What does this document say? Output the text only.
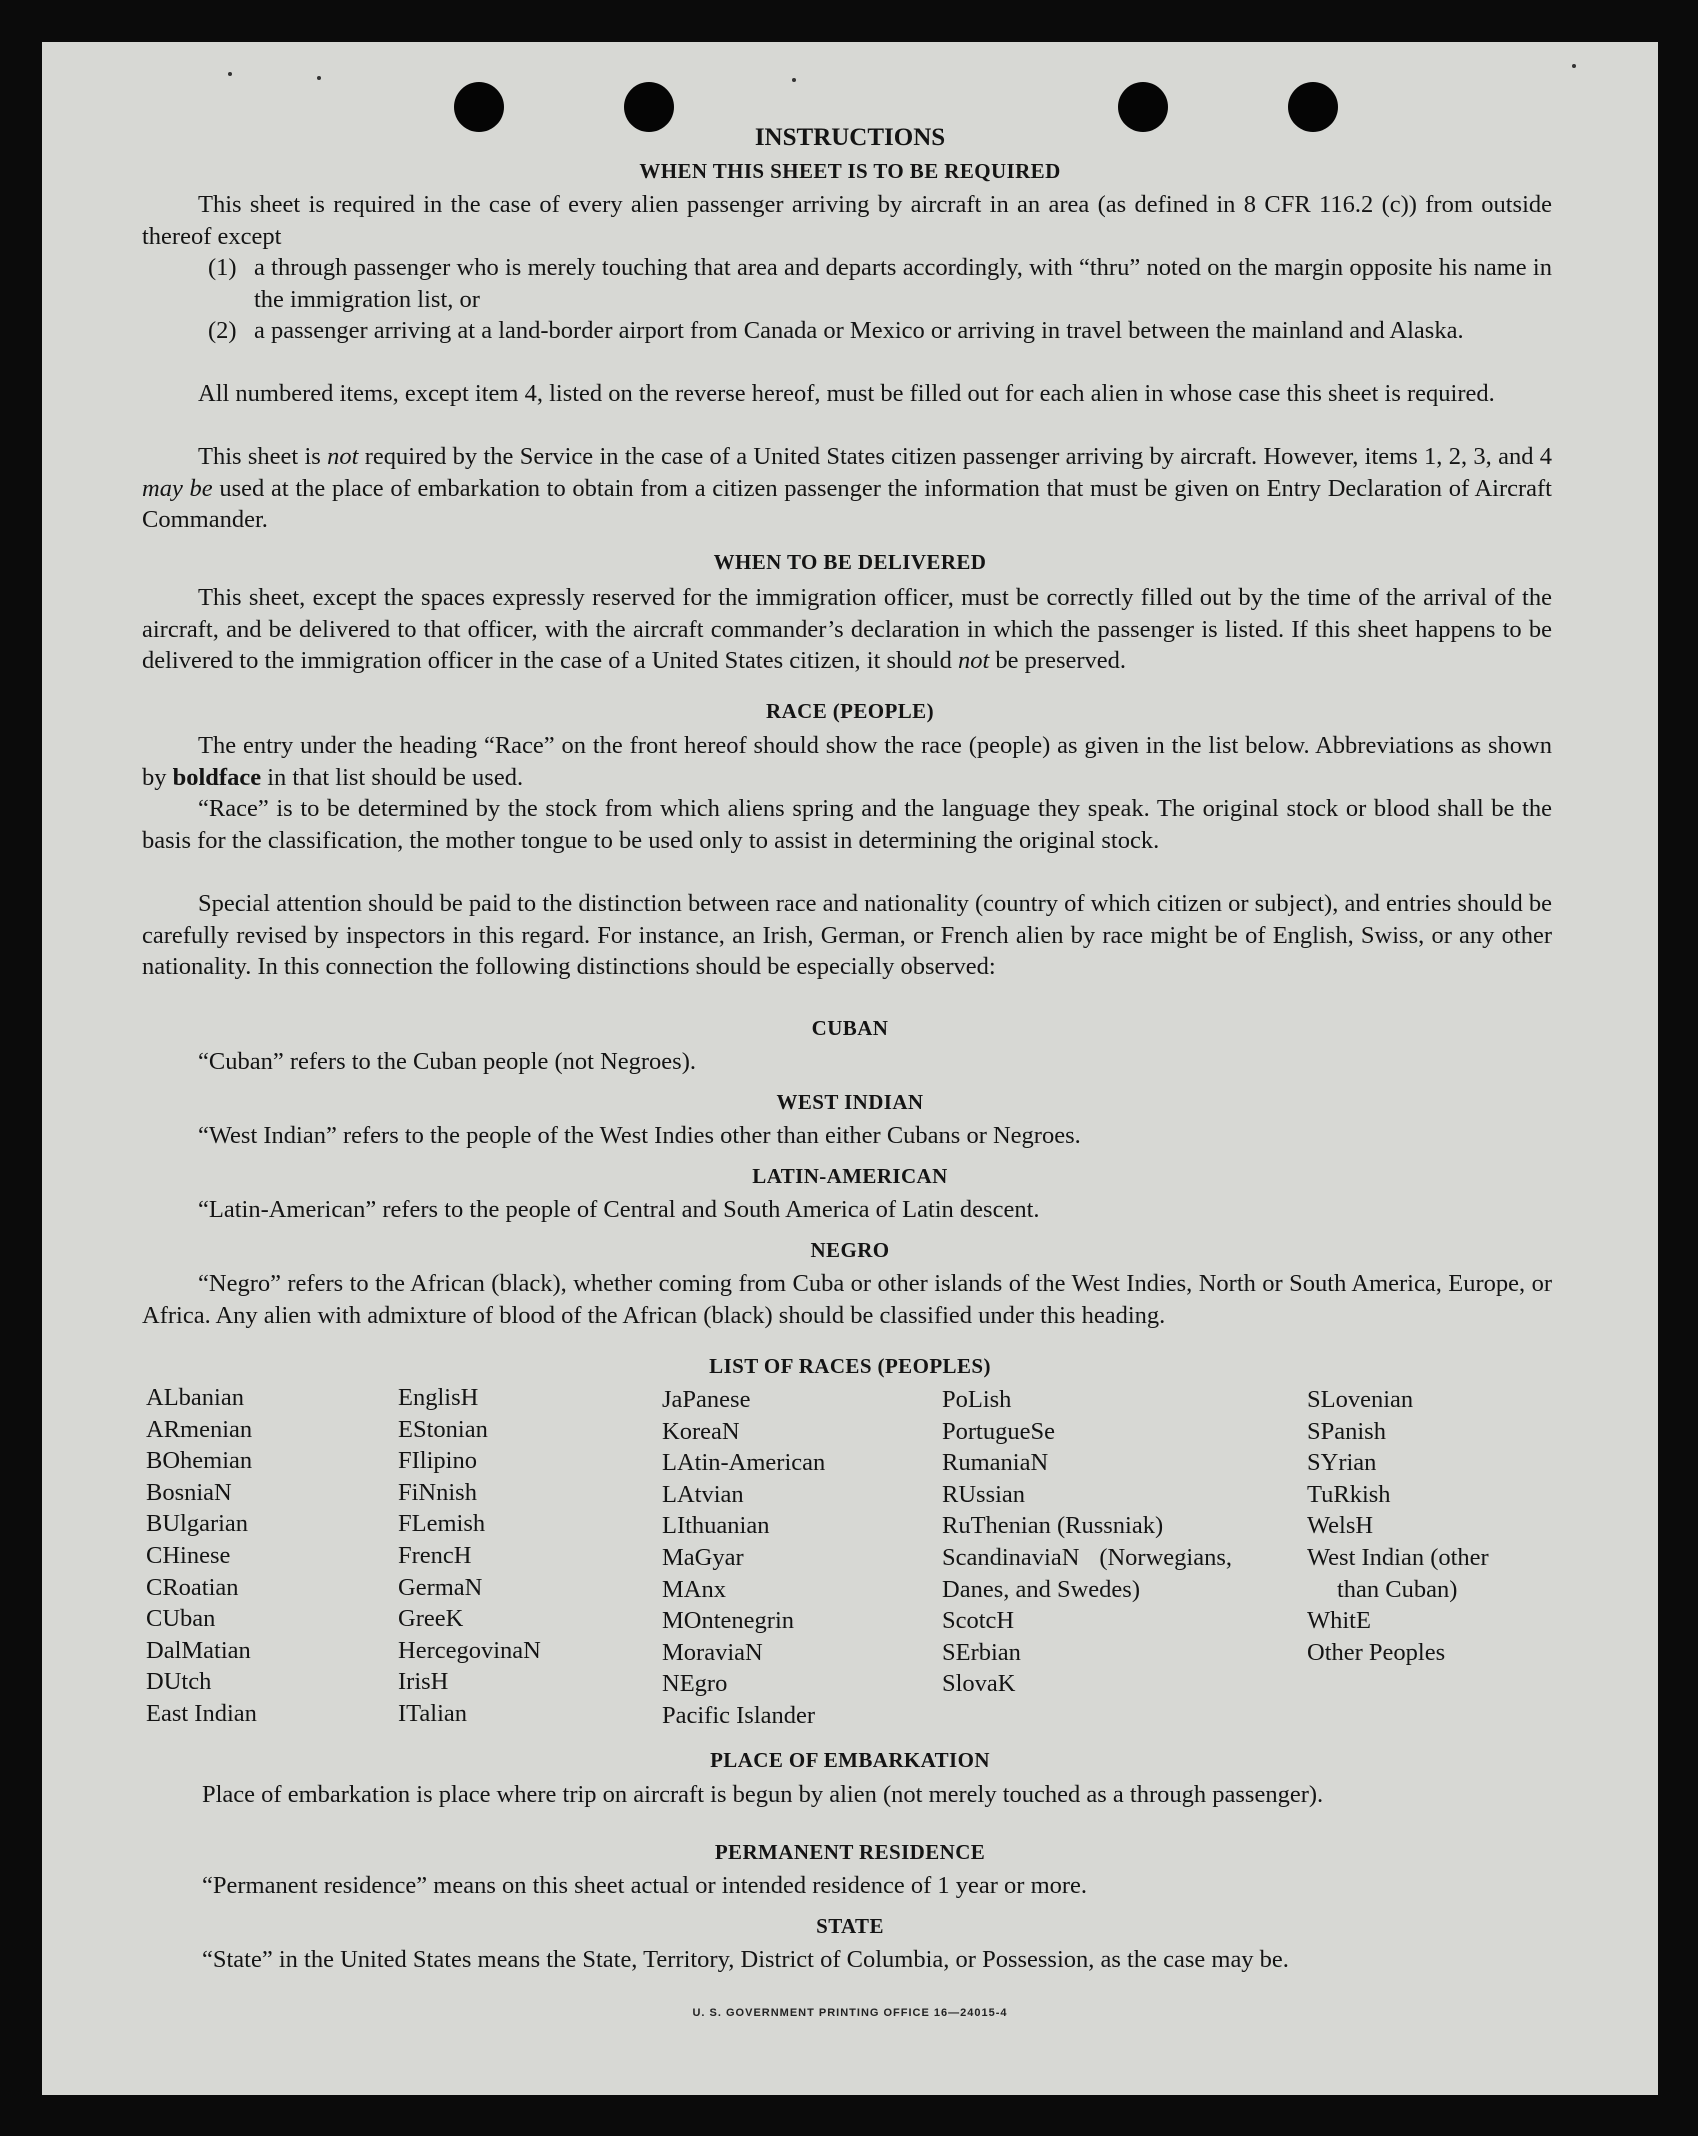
INSTRUCTIONS
WHEN THIS SHEET IS TO BE REQUIRED

This sheet is required in the case of every alien passenger arriving by aircraft in an area (as defined in 8 CFR 116.2 (c)) from outside thereof except

(1) a through passenger who is merely touching that area and departs accordingly, with “thru” noted on the margin opposite his name in the immigration list, or
(2) a passenger arriving at a land-border airport from Canada or Mexico or arriving in travel between the mainland and Alaska.

All numbered items, except item 4, listed on the reverse hereof, must be filled out for each alien in whose case this sheet is required.

This sheet is not required by the Service in the case of a United States citizen passenger arriving by aircraft. However, items 1, 2, 3, and 4 may be used at the place of embarkation to obtain from a citizen passenger the information that must be given on Entry Declaration of Aircraft Commander.

WHEN TO BE DELIVERED

This sheet, except the spaces expressly reserved for the immigration officer, must be correctly filled out by the time of the arrival of the aircraft, and be delivered to that officer, with the aircraft commander’s declaration in which the passenger is listed. If this sheet happens to be delivered to the immigration officer in the case of a United States citizen, it should not be preserved.

RACE (PEOPLE)

The entry under the heading “Race” on the front hereof should show the race (people) as given in the list below. Abbreviations as shown by boldface in that list should be used.

“Race” is to be determined by the stock from which aliens spring and the language they speak. The original stock or blood shall be the basis for the classification, the mother tongue to be used only to assist in determining the original stock.

Special attention should be paid to the distinction between race and nationality (country of which citizen or subject), and entries should be carefully revised by inspectors in this regard. For instance, an Irish, German, or French alien by race might be of English, Swiss, or any other nationality. In this connection the following distinctions should be especially observed:

CUBAN

“Cuban” refers to the Cuban people (not Negroes).

WEST INDIAN

“West Indian” refers to the people of the West Indies other than either Cubans or Negroes.

LATIN-AMERICAN

“Latin-American” refers to the people of Central and South America of Latin descent.

NEGRO

“Negro” refers to the African (black), whether coming from Cuba or other islands of the West Indies, North or South America, Europe, or Africa. Any alien with admixture of blood of the African (black) should be classified under this heading.

LIST OF RACES (PEOPLES)
ALbanian
ARmenian
BOhemian
BosniaN
BUlgarian
CHinese
CRoatian
CUban
DalMatian
DUtch
East Indian
EnglisH
EStonian
FIlipino
FiNnish
FLemish
FrencH
GermaN
GreeK
HercegovinaN
IrisH
ITalian
JaPanese
KoreaN
LAtin-American
LAtvian
LIthuanian
MaGyar
MAnx
MOntenegrin
MoraviaN
NEgro
Pacific Islander
PoLish
PortugueSe
RumaniaN
RUssian
RuThenian (Russniak)
ScandinaviaN (Norwegians, Danes, and Swedes)
ScotcH
SErbian
SlovaK
SLovenian
SPanish
SYrian
TuRkish
WelsH
West Indian (other
than Cuban)
WhitE
Other Peoples
PLACE OF EMBARKATION

Place of embarkation is place where trip on aircraft is begun by alien (not merely touched as a through passenger).

PERMANENT RESIDENCE

“Permanent residence” means on this sheet actual or intended residence of 1 year or more.

STATE

“State” in the United States means the State, Territory, District of Columbia, or Possession, as the case may be.

U. S. GOVERNMENT PRINTING OFFICE 16—24015-4
